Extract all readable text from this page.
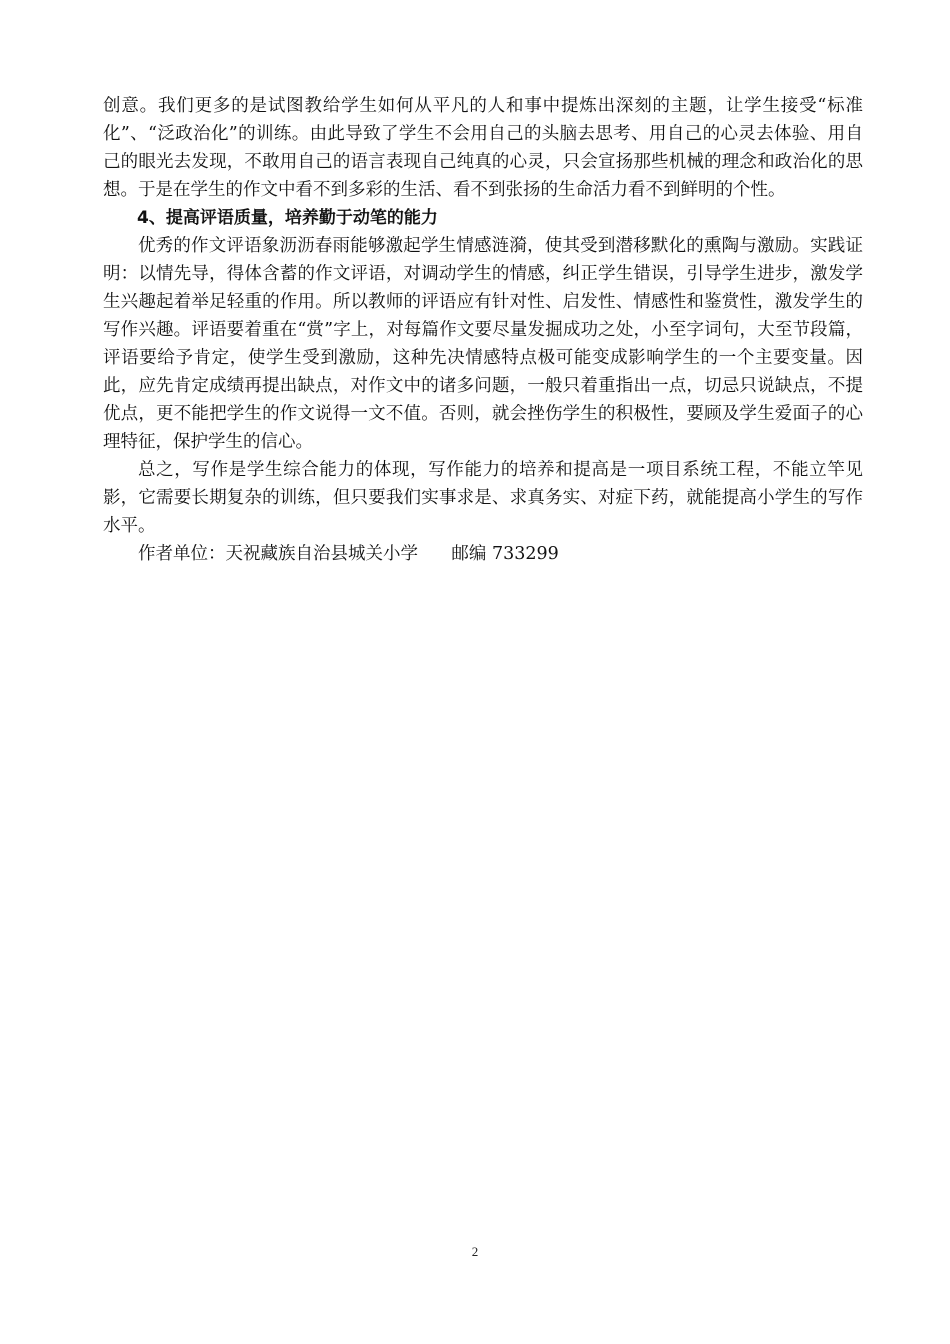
创意。我们更多的是试图教给学生如何从平凡的人和事中提炼出深刻的主题，让学生接受“标准化”、“泛政治化”的训练。由此导致了学生不会用自己的头脑去思考、用自己的心灵去体验、用自己的眼光去发现，不敢用自己的语言表现自己纯真的心灵，只会宣扬那些机械的理念和政治化的思想。于是在学生的作文中看不到多彩的生活、看不到张扬的生命活力看不到鲜明的个性。

4、提高评语质量，培养勤于动笔的能力

优秀的作文评语象沥沥春雨能够激起学生情感涟漪，使其受到潜移默化的熏陶与激励。实践证明：以情先导，得体含蓄的作文评语，对调动学生的情感，纠正学生错误，引导学生进步，激发学生兴趣起着举足轻重的作用。所以教师的评语应有针对性、启发性、情感性和鉴赏性，激发学生的写作兴趣。评语要着重在“赏”字上，对每篇作文要尽量发掘成功之处，小至字词句，大至节段篇，评语要给予肯定，使学生受到激励，这种先决情感特点极可能变成影响学生的一个主要变量。因此，应先肯定成绩再提出缺点，对作文中的诸多问题，一般只着重指出一点，切忌只说缺点，不提优点，更不能把学生的作文说得一文不值。否则，就会挫伤学生的积极性，要顾及学生爱面子的心理特征，保护学生的信心。

总之，写作是学生综合能力的体现，写作能力的培养和提高是一项目系统工程，不能立竿见影，它需要长期复杂的训练，但只要我们实事求是、求真务实、对症下药，就能提高小学生的写作水平。

作者单位：天祝藏族自治县城关小学      邮编 733299

2
